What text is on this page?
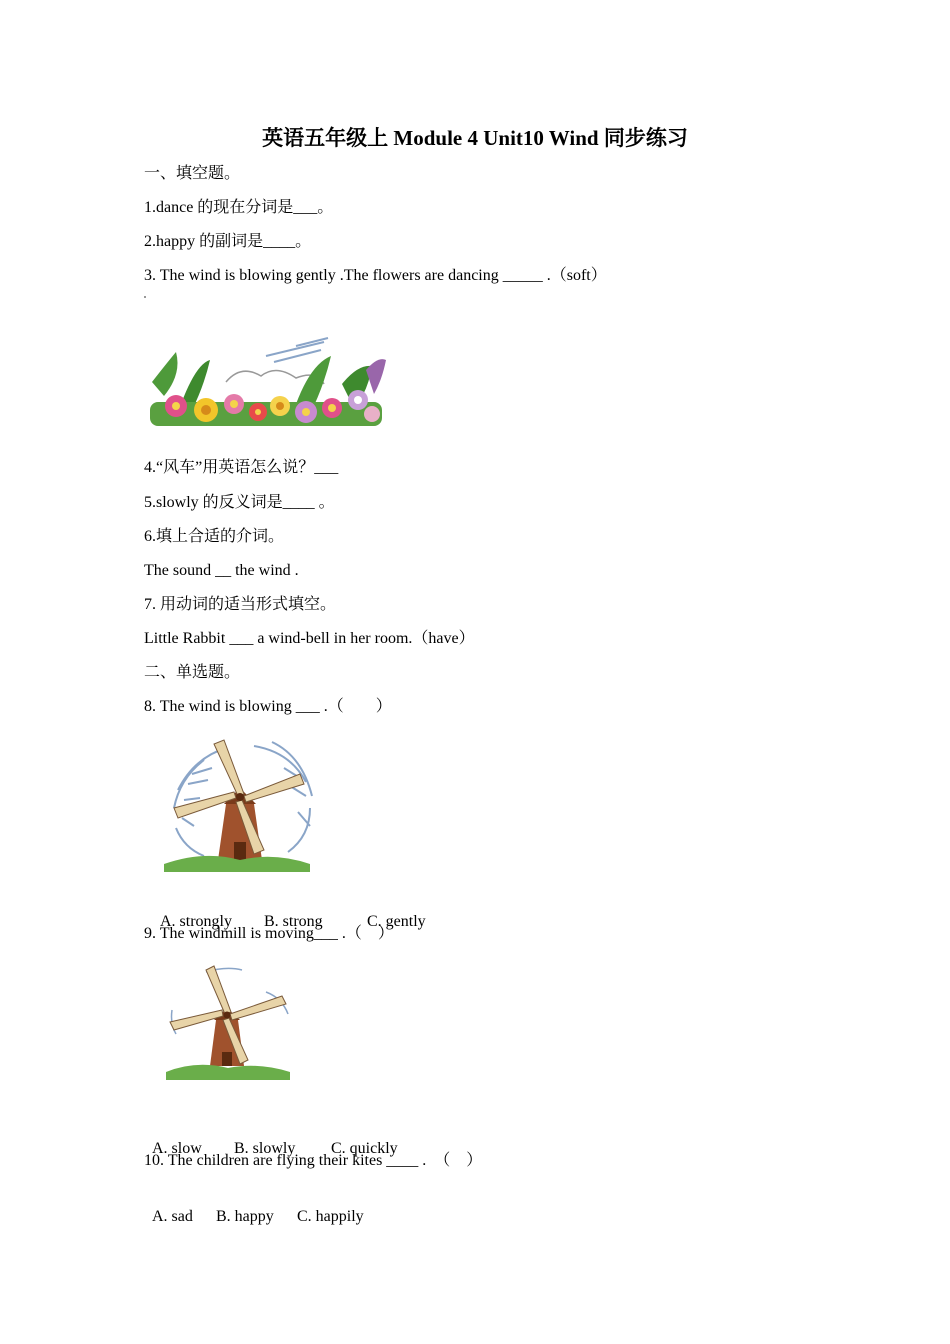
英语五年级上 Module 4 Unit10 Wind 同步练习
一、填空题。
1.dance 的现在分词是___。
2.happy 的副词是____。
3. The wind is blowing gently .The flowers are dancing _____ .（soft）
4.“风车”用英语怎么说？___
5.slowly 的反义词是____ 。
6.填上合适的介词。
The sound __ the wind .
7. 用动词的适当形式填空。
Little Rabbit ___ a wind-bell in her room.（have）
二、单选题。
8. The wind is blowing ___ .（　　）

A. strongly B. strong	C. gently

9. The windmill is moving___ .（　）

A. slow B. slowly C. quickly

10. The children are flying their kites ____ .　（　）

A. sad B. happy C. happily
